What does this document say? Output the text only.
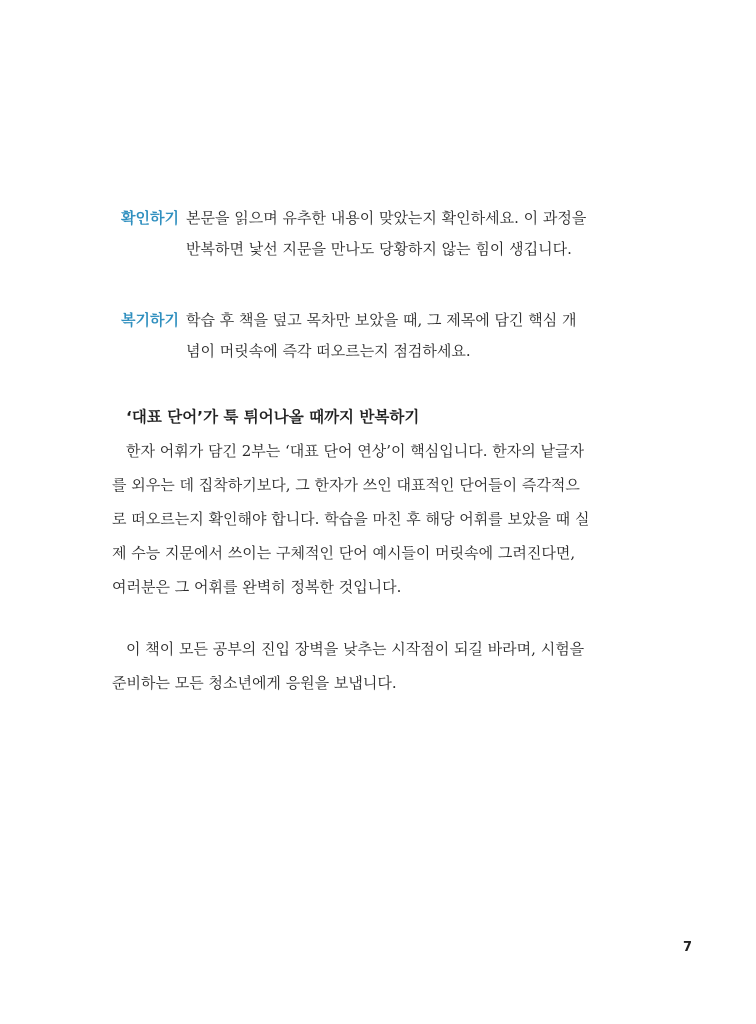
확인하기 본문을 읽으며 유추한 내용이 맞았는지 확인하세요. 이 과정을
반복하면 낯선 지문을 만나도 당황하지 않는 힘이 생깁니다.
복기하기 학습 후 책을 덮고 목차만 보았을 때, 그 제목에 담긴 핵심 개
념이 머릿속에 즉각 떠오르는지 점검하세요.
‘대표 단어’가 툭 튀어나올 때까지 반복하기
한자 어휘가 담긴 2부는 ‘대표 단어 연상’이 핵심입니다. 한자의 낱글자
를 외우는 데 집착하기보다, 그 한자가 쓰인 대표적인 단어들이 즉각적으
로 떠오르는지 확인해야 합니다. 학습을 마친 후 해당 어휘를 보았을 때 실
제 수능 지문에서 쓰이는 구체적인 단어 예시들이 머릿속에 그려진다면,
여러분은 그 어휘를 완벽히 정복한 것입니다.
이 책이 모든 공부의 진입 장벽을 낮추는 시작점이 되길 바라며, 시험을
준비하는 모든 청소년에게 응원을 보냅니다.
7
